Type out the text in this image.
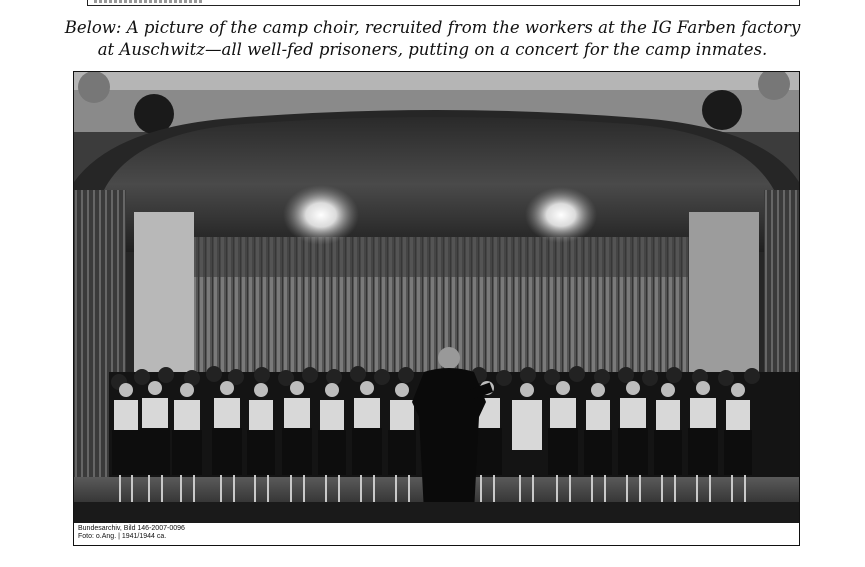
Below: A picture of the camp choir, recruited from the workers at the IG Farben factory
at Auschwitz—all well-fed prisoners, putting on a concert for the camp inmates.
Bundesarchiv, Bild 146-2007-0096
Foto: o.Ang. | 1941/1944 ca.
